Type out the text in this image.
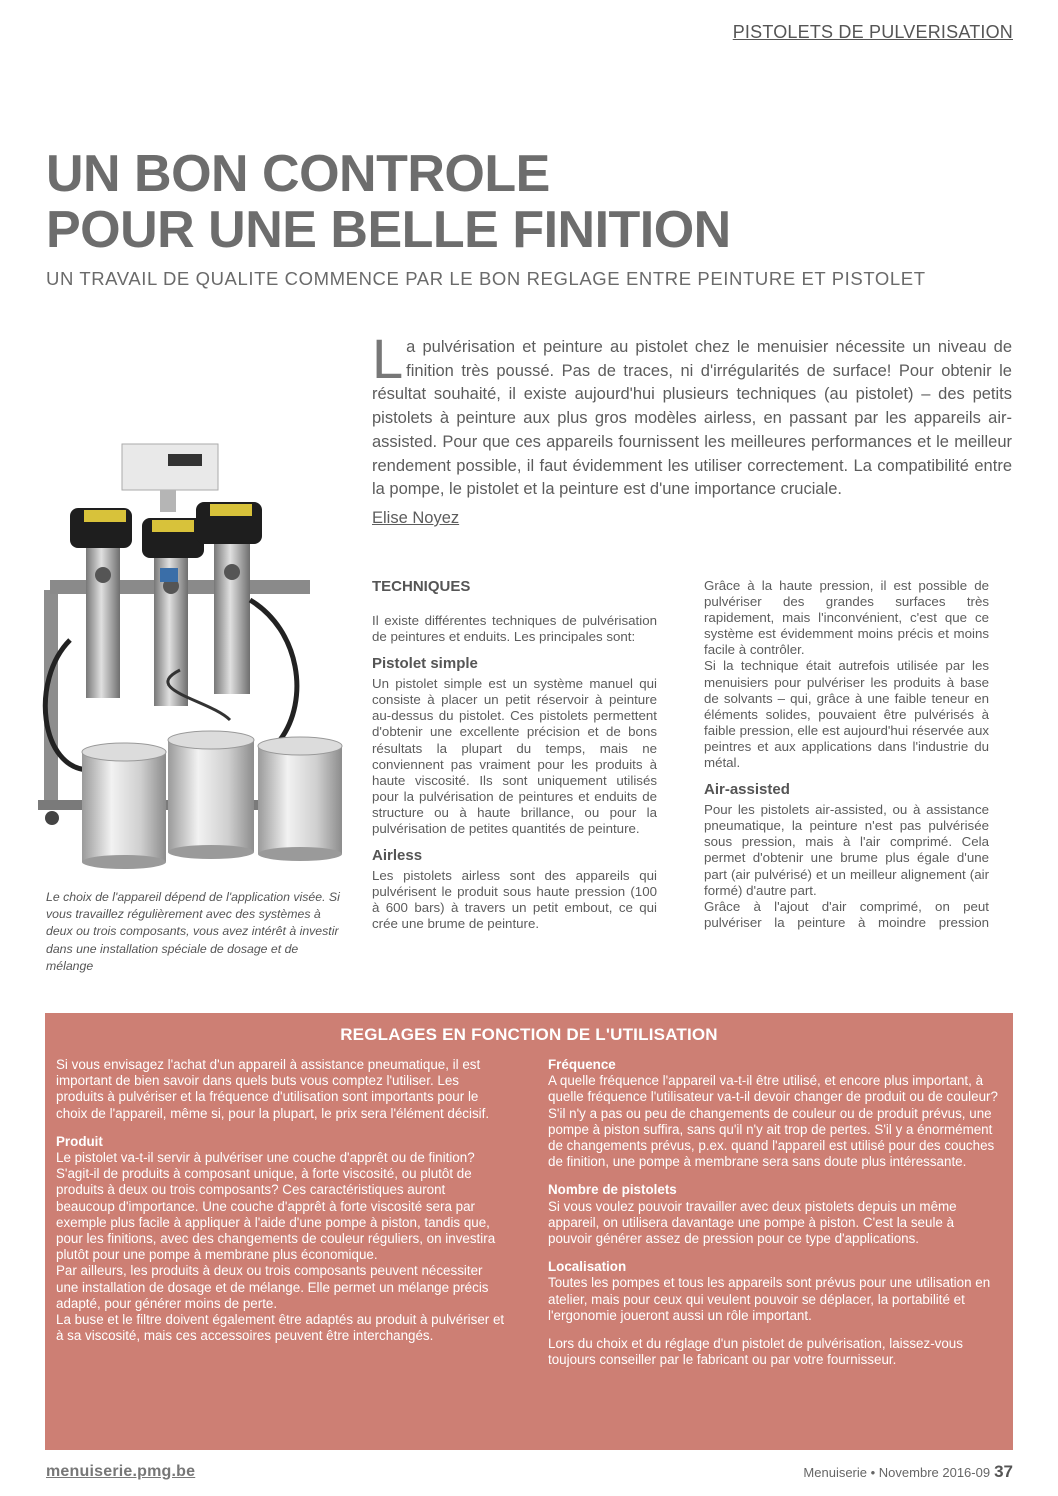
PISTOLETS DE PULVERISATION
UN BON CONTROLE
POUR UNE BELLE FINITION
UN TRAVAIL DE QUALITE COMMENCE PAR LE BON REGLAGE ENTRE PEINTURE ET PISTOLET

La pulvérisation et peinture au pistolet chez le menuisier nécessite un niveau de finition très poussé. Pas de traces, ni d'irrégularités de surface! Pour obtenir le résultat souhaité, il existe aujourd'hui plusieurs techniques (au pistolet) – des petits pistolets à peinture aux plus gros modèles airless, en passant par les appareils air-assisted. Pour que ces appareils fournissent les meilleures performances et le meilleur rendement possible, il faut évidemment les utiliser correctement. La compatibilité entre la pompe, le pistolet et la peinture est d'une importance cruciale.

Elise Noyez

Le choix de l'appareil dépend de l'application visée. Si vous travaillez régulièrement avec des systèmes à deux ou trois composants, vous avez intérêt à investir dans une installation spéciale de dosage et de mélange

TECHNIQUES

Il existe différentes techniques de pulvérisation de peintures et enduits. Les principales sont:

Pistolet simple

Un pistolet simple est un système manuel qui consiste à placer un petit réservoir à peinture au-dessus du pistolet. Ces pistolets permettent d'obtenir une excellente précision et de bons résultats la plupart du temps, mais ne conviennent pas vraiment pour les produits à haute viscosité. Ils sont uniquement utilisés pour la pulvérisation de peintures et enduits de structure ou à haute brillance, ou pour la pulvérisation de petites quantités de peinture.

Airless

Les pistolets airless sont des appareils qui pulvérisent le produit sous haute pression (100 à 600 bars) à travers un petit embout, ce qui crée une brume de peinture.

Grâce à la haute pression, il est possible de pulvériser des grandes surfaces très rapidement, mais l'inconvénient, c'est que ce système est évidemment moins précis et moins facile à contrôler.

Si la technique était autrefois utilisée par les menuisiers pour pulvériser les produits à base de solvants – qui, grâce à une faible teneur en éléments solides, pouvaient être pulvérisés à faible pression, elle est aujourd'hui réservée aux peintres et aux applications dans l'industrie du métal.

Air-assisted

Pour les pistolets air-assisted, ou à assistance pneumatique, la peinture n'est pas pulvérisée sous pression, mais à l'air comprimé. Cela permet d'obtenir une brume plus égale d'une part (air pulvérisé) et un meilleur alignement (air formé) d'autre part.

Grâce à l'ajout d'air comprimé, on peut pulvériser la peinture à moindre pression

REGLAGES EN FONCTION DE L'UTILISATION

Si vous envisagez l'achat d'un appareil à assistance pneumatique, il est important de bien savoir dans quels buts vous comptez l'utiliser. Les produits à pulvériser et la fréquence d'utilisation sont importants pour le choix de l'appareil, même si, pour la plupart, le prix sera l'élément décisif.

Produit

Le pistolet va-t-il servir à pulvériser une couche d'apprêt ou de finition? S'agit-il de produits à composant unique, à forte viscosité, ou plutôt de produits à deux ou trois composants? Ces caractéristiques auront beaucoup d'importance. Une couche d'apprêt à forte viscosité sera par exemple plus facile à appliquer à l'aide d'une pompe à piston, tandis que, pour les finitions, avec des changements de couleur réguliers, on investira plutôt pour une pompe à membrane plus économique.

Par ailleurs, les produits à deux ou trois composants peuvent nécessiter une installation de dosage et de mélange. Elle permet un mélange précis adapté, pour générer moins de perte.

La buse et le filtre doivent également être adaptés au produit à pulvériser et à sa viscosité, mais ces accessoires peuvent être interchangés.

Fréquence

A quelle fréquence l'appareil va-t-il être utilisé, et encore plus important, à quelle fréquence l'utilisateur va-t-il devoir changer de produit ou de couleur? S'il n'y a pas ou peu de changements de couleur ou de produit prévus, une pompe à piston suffira, sans qu'il n'y ait trop de pertes. S'il y a énormément de changements prévus, p.ex. quand l'appareil est utilisé pour des couches de finition, une pompe à membrane sera sans doute plus intéressante.

Nombre de pistolets

Si vous voulez pouvoir travailler avec deux pistolets depuis un même appareil, on utilisera davantage une pompe à piston. C'est la seule à pouvoir générer assez de pression pour ce type d'applications.

Localisation

Toutes les pompes et tous les appareils sont prévus pour une utilisation en atelier, mais pour ceux qui veulent pouvoir se déplacer, la portabilité et l'ergonomie joueront aussi un rôle important.

Lors du choix et du réglage d'un pistolet de pulvérisation, laissez-vous toujours conseiller par le fabricant ou par votre fournisseur.

menuiserie.pmg.be	Menuiserie • Novembre 2016-09 37
